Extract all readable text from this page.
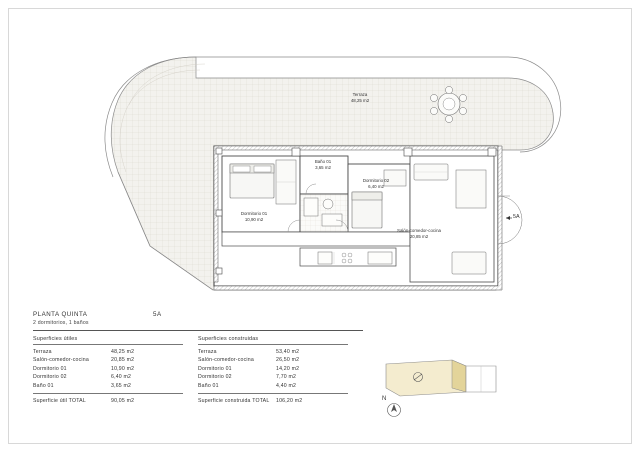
Terraza
48,25 m2
Dormitorio 01
10,90 m2
Baño 01
3,65 m2
Dormitorio 02
6,40 m2
Salón-comedor-cocina
20,85 m2
5A
N
PLANTA QUINTA	5A
2 dormitorios, 1 baños
Superficies útiles
Terraza	48,25 m2
Salón-comedor-cocina	20,85 m2
Dormitorio 01	10,90 m2
Dormitorio 02	6,40 m2
Baño 01	3,65 m2
Superficie útil TOTAL	90,05 m2
Superficies construidas
Terraza	53,40 m2
Salón-comedor-cocina	26,50 m2
Dormitorio 01	14,20 m2
Dormitorio 02	7,70 m2
Baño 01	4,40 m2
Superficie construida TOTAL	106,20 m2
